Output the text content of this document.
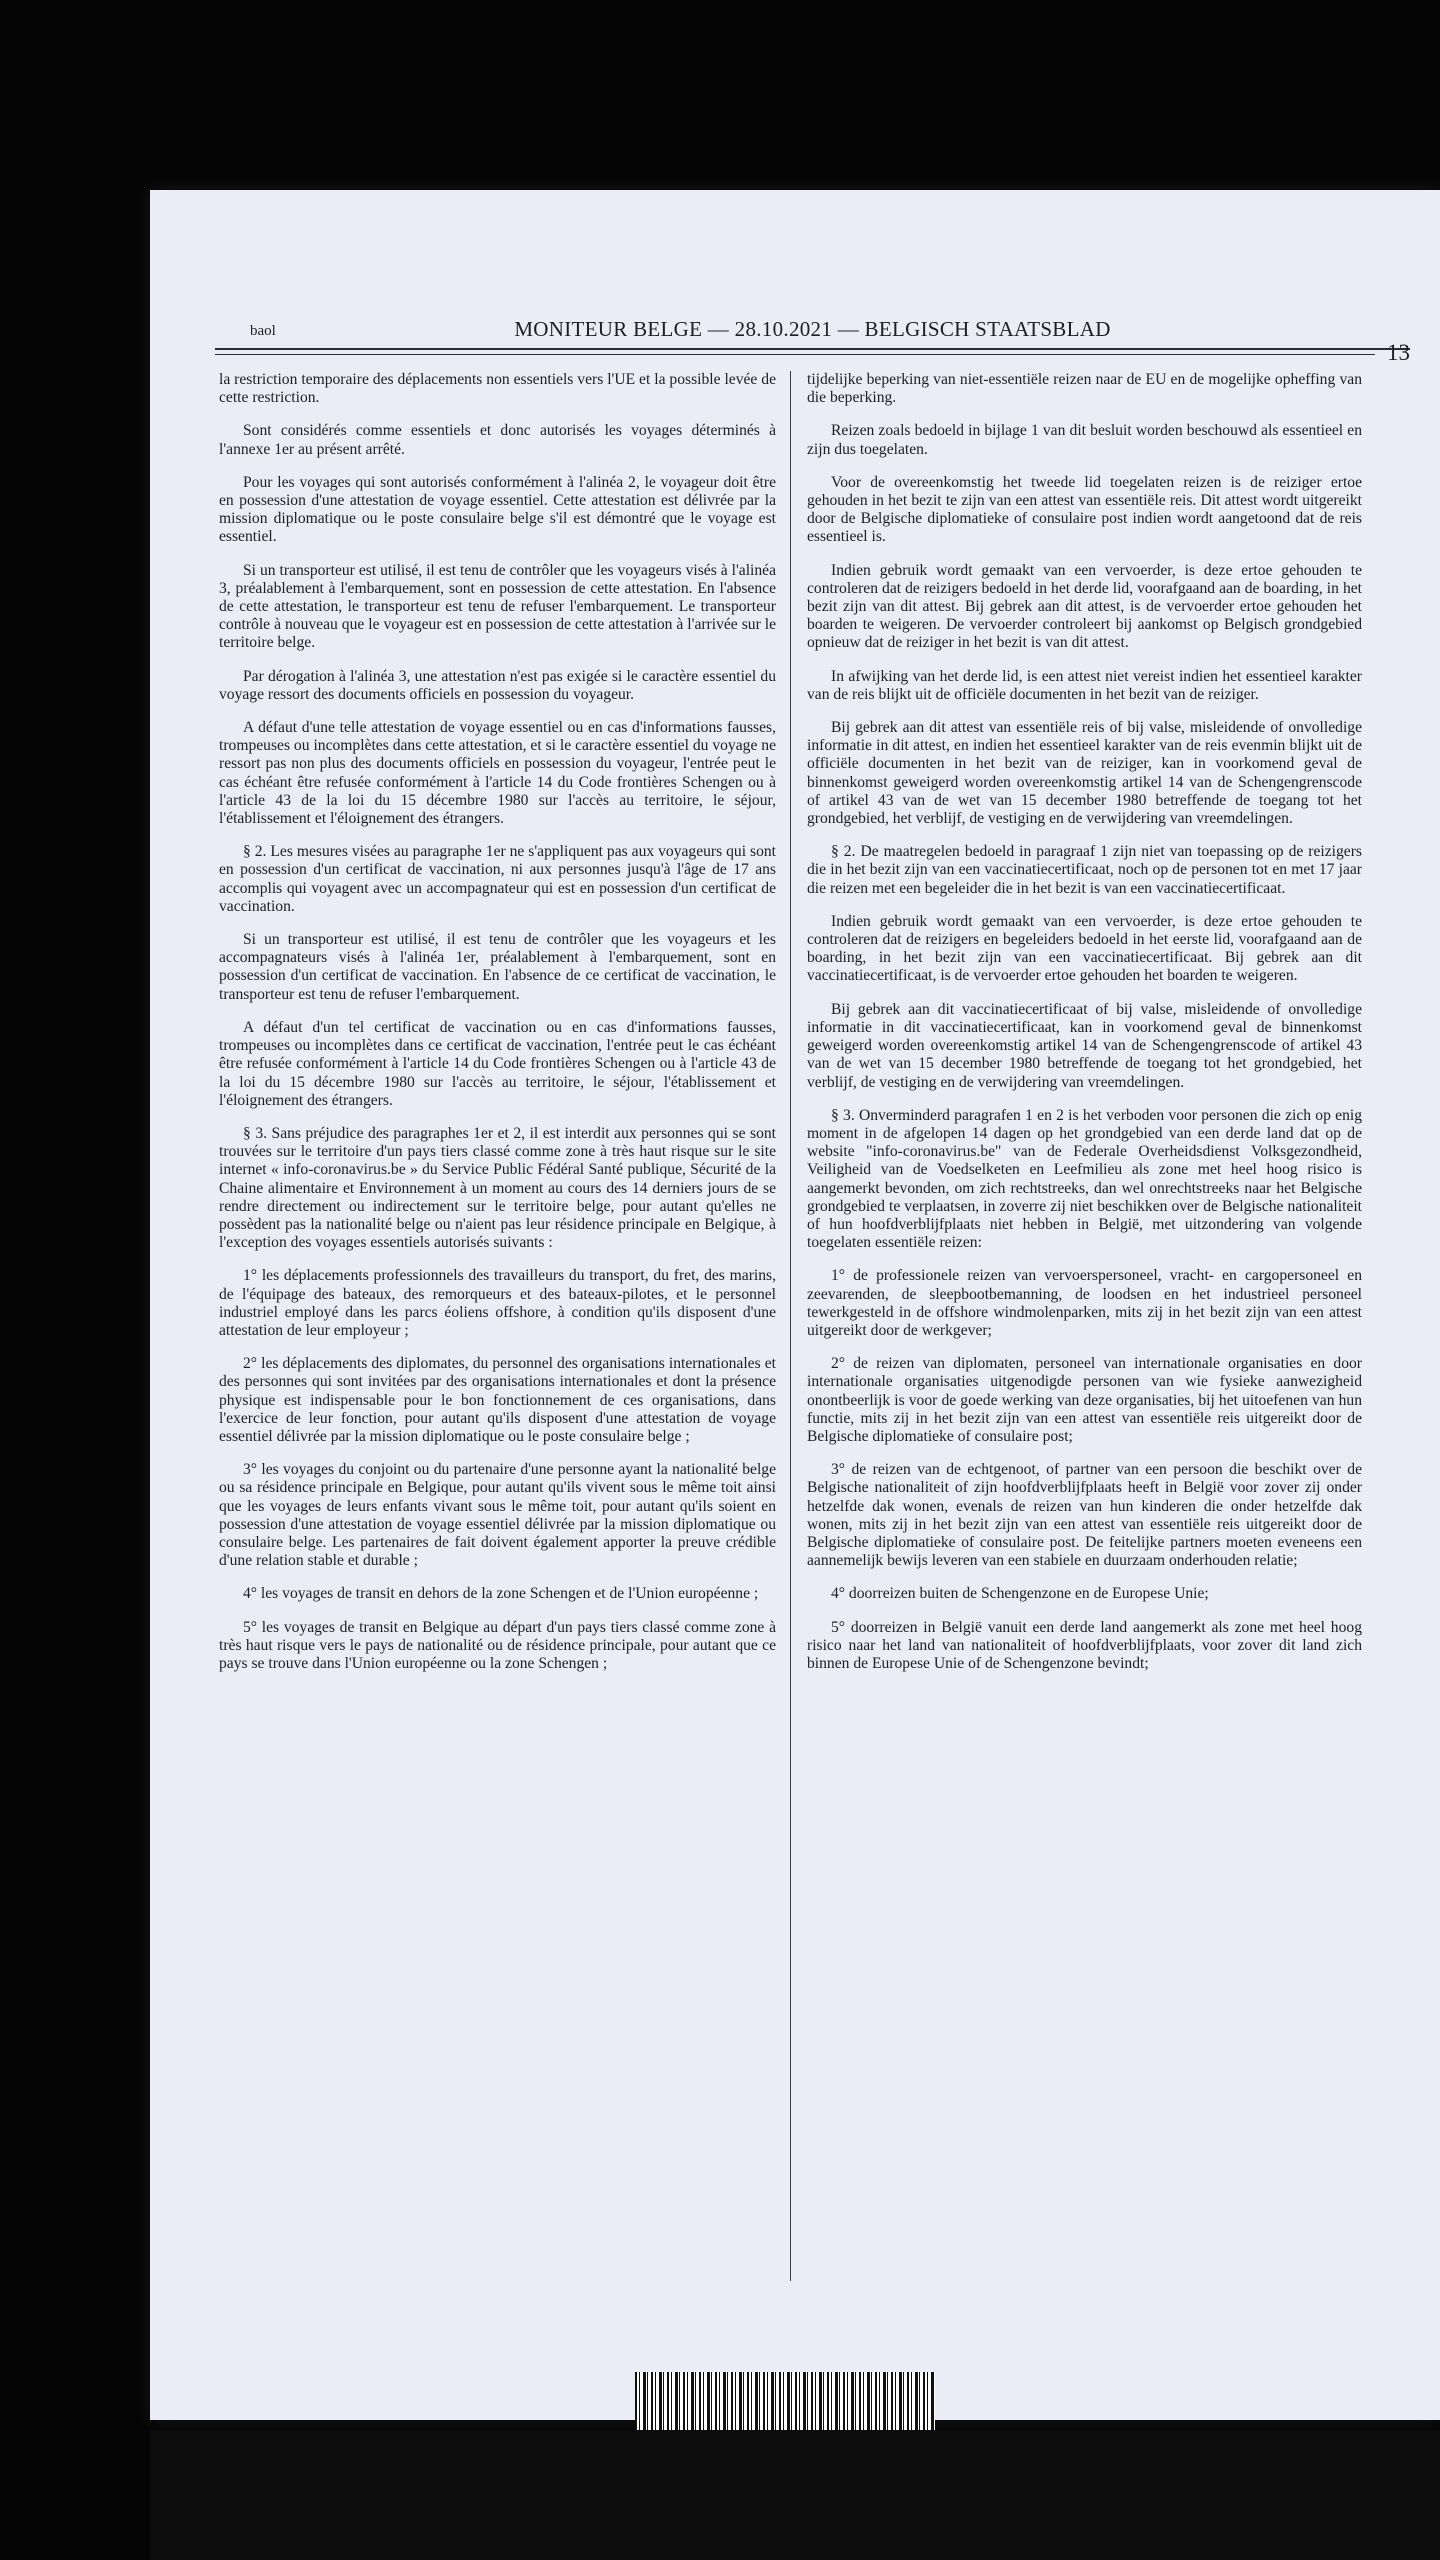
baol	MONITEUR BELGE — 28.10.2021 — BELGISCH STAATSBLAD
13

la restriction temporaire des déplacements non essentiels vers l'UE et la possible levée de cette restriction.

Sont considérés comme essentiels et donc autorisés les voyages déterminés à l'annexe 1er au présent arrêté.

Pour les voyages qui sont autorisés conformément à l'alinéa 2, le voyageur doit être en possession d'une attestation de voyage essentiel. Cette attestation est délivrée par la mission diplomatique ou le poste consulaire belge s'il est démontré que le voyage est essentiel.

Si un transporteur est utilisé, il est tenu de contrôler que les voyageurs visés à l'alinéa 3, préalablement à l'embarquement, sont en possession de cette attestation. En l'absence de cette attestation, le transporteur est tenu de refuser l'embarquement. Le transporteur contrôle à nouveau que le voyageur est en possession de cette attestation à l'arrivée sur le territoire belge.

Par dérogation à l'alinéa 3, une attestation n'est pas exigée si le caractère essentiel du voyage ressort des documents officiels en possession du voyageur.

A défaut d'une telle attestation de voyage essentiel ou en cas d'informations fausses, trompeuses ou incomplètes dans cette attestation, et si le caractère essentiel du voyage ne ressort pas non plus des documents officiels en possession du voyageur, l'entrée peut le cas échéant être refusée conformément à l'article 14 du Code frontières Schengen ou à l'article 43 de la loi du 15 décembre 1980 sur l'accès au territoire, le séjour, l'établissement et l'éloignement des étrangers.

§ 2. Les mesures visées au paragraphe 1er ne s'appliquent pas aux voyageurs qui sont en possession d'un certificat de vaccination, ni aux personnes jusqu'à l'âge de 17 ans accomplis qui voyagent avec un accompagnateur qui est en possession d'un certificat de vaccination.

Si un transporteur est utilisé, il est tenu de contrôler que les voyageurs et les accompagnateurs visés à l'alinéa 1er, préalablement à l'embarquement, sont en possession d'un certificat de vaccination. En l'absence de ce certificat de vaccination, le transporteur est tenu de refuser l'embarquement.

A défaut d'un tel certificat de vaccination ou en cas d'informations fausses, trompeuses ou incomplètes dans ce certificat de vaccination, l'entrée peut le cas échéant être refusée conformément à l'article 14 du Code frontières Schengen ou à l'article 43 de la loi du 15 décembre 1980 sur l'accès au territoire, le séjour, l'établissement et l'éloignement des étrangers.

§ 3. Sans préjudice des paragraphes 1er et 2, il est interdit aux personnes qui se sont trouvées sur le territoire d'un pays tiers classé comme zone à très haut risque sur le site internet « info-coronavirus.be » du Service Public Fédéral Santé publique, Sécurité de la Chaine alimentaire et Environnement à un moment au cours des 14 derniers jours de se rendre directement ou indirectement sur le territoire belge, pour autant qu'elles ne possèdent pas la nationalité belge ou n'aient pas leur résidence principale en Belgique, à l'exception des voyages essentiels autorisés suivants :

1° les déplacements professionnels des travailleurs du transport, du fret, des marins, de l'équipage des bateaux, des remorqueurs et des bateaux-pilotes, et le personnel industriel employé dans les parcs éoliens offshore, à condition qu'ils disposent d'une attestation de leur employeur ;

2° les déplacements des diplomates, du personnel des organisations internationales et des personnes qui sont invitées par des organisations internationales et dont la présence physique est indispensable pour le bon fonctionnement de ces organisations, dans l'exercice de leur fonction, pour autant qu'ils disposent d'une attestation de voyage essentiel délivrée par la mission diplomatique ou le poste consulaire belge ;

3° les voyages du conjoint ou du partenaire d'une personne ayant la nationalité belge ou sa résidence principale en Belgique, pour autant qu'ils vivent sous le même toit ainsi que les voyages de leurs enfants vivant sous le même toit, pour autant qu'ils soient en possession d'une attestation de voyage essentiel délivrée par la mission diplomatique ou consulaire belge. Les partenaires de fait doivent également apporter la preuve crédible d'une relation stable et durable ;

4° les voyages de transit en dehors de la zone Schengen et de l'Union européenne ;

5° les voyages de transit en Belgique au départ d'un pays tiers classé comme zone à très haut risque vers le pays de nationalité ou de résidence principale, pour autant que ce pays se trouve dans l'Union européenne ou la zone Schengen ;

tijdelijke beperking van niet-essentiële reizen naar de EU en de mogelijke opheffing van die beperking.

Reizen zoals bedoeld in bijlage 1 van dit besluit worden beschouwd als essentieel en zijn dus toegelaten.

Voor de overeenkomstig het tweede lid toegelaten reizen is de reiziger ertoe gehouden in het bezit te zijn van een attest van essentiële reis. Dit attest wordt uitgereikt door de Belgische diplomatieke of consulaire post indien wordt aangetoond dat de reis essentieel is.

Indien gebruik wordt gemaakt van een vervoerder, is deze ertoe gehouden te controleren dat de reizigers bedoeld in het derde lid, voorafgaand aan de boarding, in het bezit zijn van dit attest. Bij gebrek aan dit attest, is de vervoerder ertoe gehouden het boarden te weigeren. De vervoerder controleert bij aankomst op Belgisch grondgebied opnieuw dat de reiziger in het bezit is van dit attest.

In afwijking van het derde lid, is een attest niet vereist indien het essentieel karakter van de reis blijkt uit de officiële documenten in het bezit van de reiziger.

Bij gebrek aan dit attest van essentiële reis of bij valse, misleidende of onvolledige informatie in dit attest, en indien het essentieel karakter van de reis evenmin blijkt uit de officiële documenten in het bezit van de reiziger, kan in voorkomend geval de binnenkomst geweigerd worden overeenkomstig artikel 14 van de Schengengrenscode of artikel 43 van de wet van 15 december 1980 betreffende de toegang tot het grondgebied, het verblijf, de vestiging en de verwijdering van vreemdelingen.

§ 2. De maatregelen bedoeld in paragraaf 1 zijn niet van toepassing op de reizigers die in het bezit zijn van een vaccinatiecertificaat, noch op de personen tot en met 17 jaar die reizen met een begeleider die in het bezit is van een vaccinatiecertificaat.

Indien gebruik wordt gemaakt van een vervoerder, is deze ertoe gehouden te controleren dat de reizigers en begeleiders bedoeld in het eerste lid, voorafgaand aan de boarding, in het bezit zijn van een vaccinatiecertificaat. Bij gebrek aan dit vaccinatiecertificaat, is de vervoerder ertoe gehouden het boarden te weigeren.

Bij gebrek aan dit vaccinatiecertificaat of bij valse, misleidende of onvolledige informatie in dit vaccinatiecertificaat, kan in voorkomend geval de binnenkomst geweigerd worden overeenkomstig artikel 14 van de Schengengrenscode of artikel 43 van de wet van 15 december 1980 betreffende de toegang tot het grondgebied, het verblijf, de vestiging en de verwijdering van vreemdelingen.

§ 3. Onverminderd paragrafen 1 en 2 is het verboden voor personen die zich op enig moment in de afgelopen 14 dagen op het grondgebied van een derde land dat op de website "info-coronavirus.be" van de Federale Overheidsdienst Volksgezondheid, Veiligheid van de Voedselketen en Leefmilieu als zone met heel hoog risico is aangemerkt bevonden, om zich rechtstreeks, dan wel onrechtstreeks naar het Belgische grondgebied te verplaatsen, in zoverre zij niet beschikken over de Belgische nationaliteit of hun hoofdverblijfplaats niet hebben in België, met uitzondering van volgende toegelaten essentiële reizen:

1° de professionele reizen van vervoerspersoneel, vracht- en cargopersoneel en zeevarenden, de sleepbootbemanning, de loodsen en het industrieel personeel tewerkgesteld in de offshore windmolenparken, mits zij in het bezit zijn van een attest uitgereikt door de werkgever;

2° de reizen van diplomaten, personeel van internationale organisaties en door internationale organisaties uitgenodigde personen van wie fysieke aanwezigheid onontbeerlijk is voor de goede werking van deze organisaties, bij het uitoefenen van hun functie, mits zij in het bezit zijn van een attest van essentiële reis uitgereikt door de Belgische diplomatieke of consulaire post;

3° de reizen van de echtgenoot, of partner van een persoon die beschikt over de Belgische nationaliteit of zijn hoofdverblijfplaats heeft in België voor zover zij onder hetzelfde dak wonen, evenals de reizen van hun kinderen die onder hetzelfde dak wonen, mits zij in het bezit zijn van een attest van essentiële reis uitgereikt door de Belgische diplomatieke of consulaire post. De feitelijke partners moeten eveneens een aannemelijk bewijs leveren van een stabiele en duurzaam onderhouden relatie;

4° doorreizen buiten de Schengenzone en de Europese Unie;

5° doorreizen in België vanuit een derde land aangemerkt als zone met heel hoog risico naar het land van nationaliteit of hoofdverblijfplaats, voor zover dit land zich binnen de Europese Unie of de Schengenzone bevindt;
